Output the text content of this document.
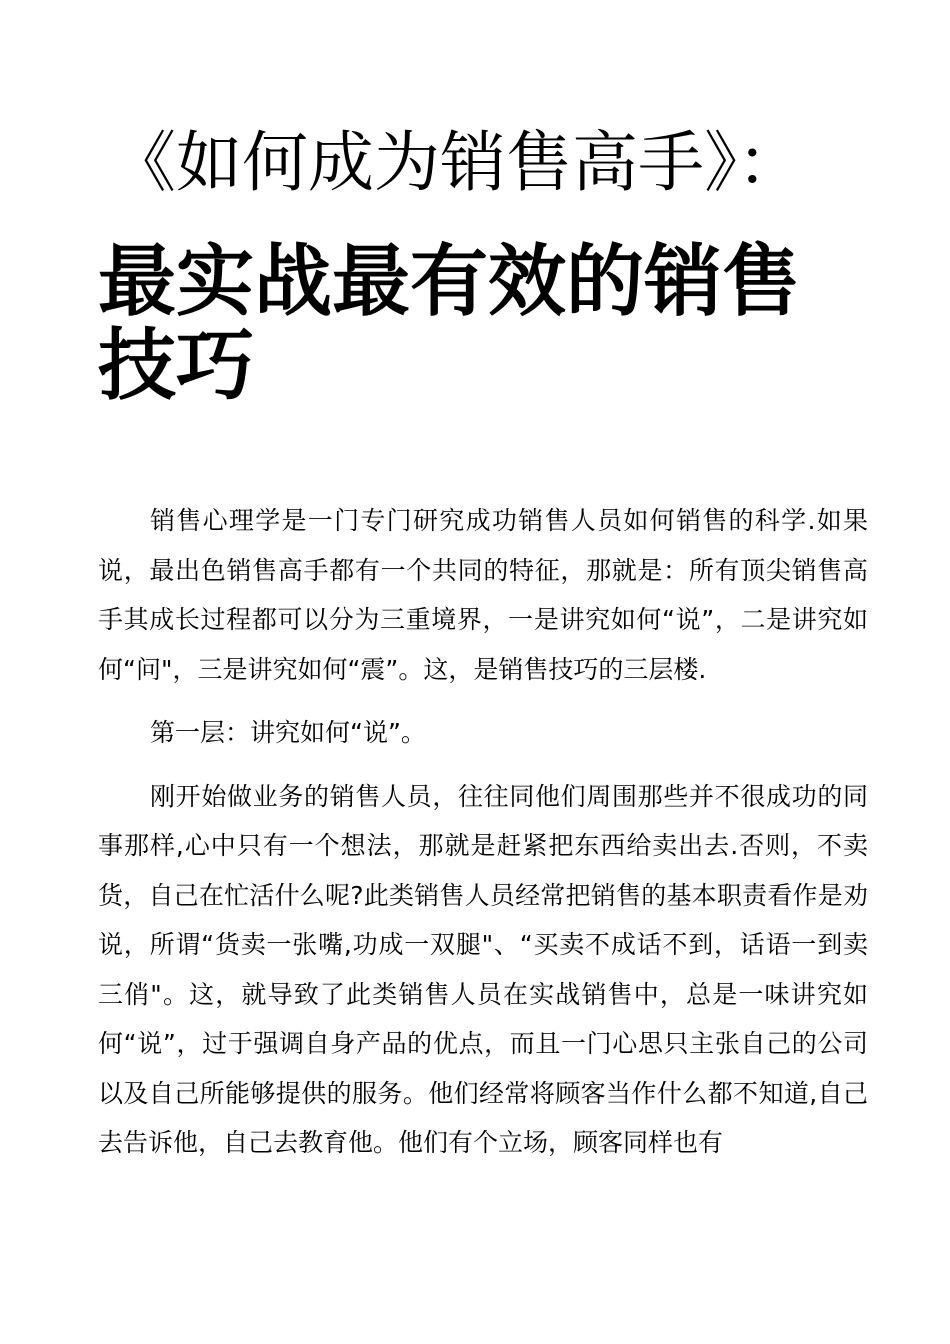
《如何成为销售高手》：
最实战最有效的销售技巧

销售心理学是一门专门研究成功销售人员如何销售的科学.如果说，最出色销售高手都有一个共同的特征，那就是：所有顶尖销售高手其成长过程都可以分为三重境界，一是讲究如何“说”，二是讲究如何“问"，三是讲究如何“震”。这，是销售技巧的三层楼.

第一层：讲究如何“说”。

刚开始做业务的销售人员，往往同他们周围那些并不很成功的同事那样,心中只有一个想法，那就是赶紧把东西给卖出去.否则，不卖货，自己在忙活什么呢?此类销售人员经常把销售的基本职责看作是劝说，所谓“货卖一张嘴,功成一双腿"、“买卖不成话不到，话语一到卖三俏"。这，就导致了此类销售人员在实战销售中，总是一味讲究如何“说”，过于强调自身产品的优点，而且一门心思只主张自己的公司以及自己所能够提供的服务。他们经常将顾客当作什么都不知道,自己去告诉他，自己去教育他。他们有个立场，顾客同样也有
